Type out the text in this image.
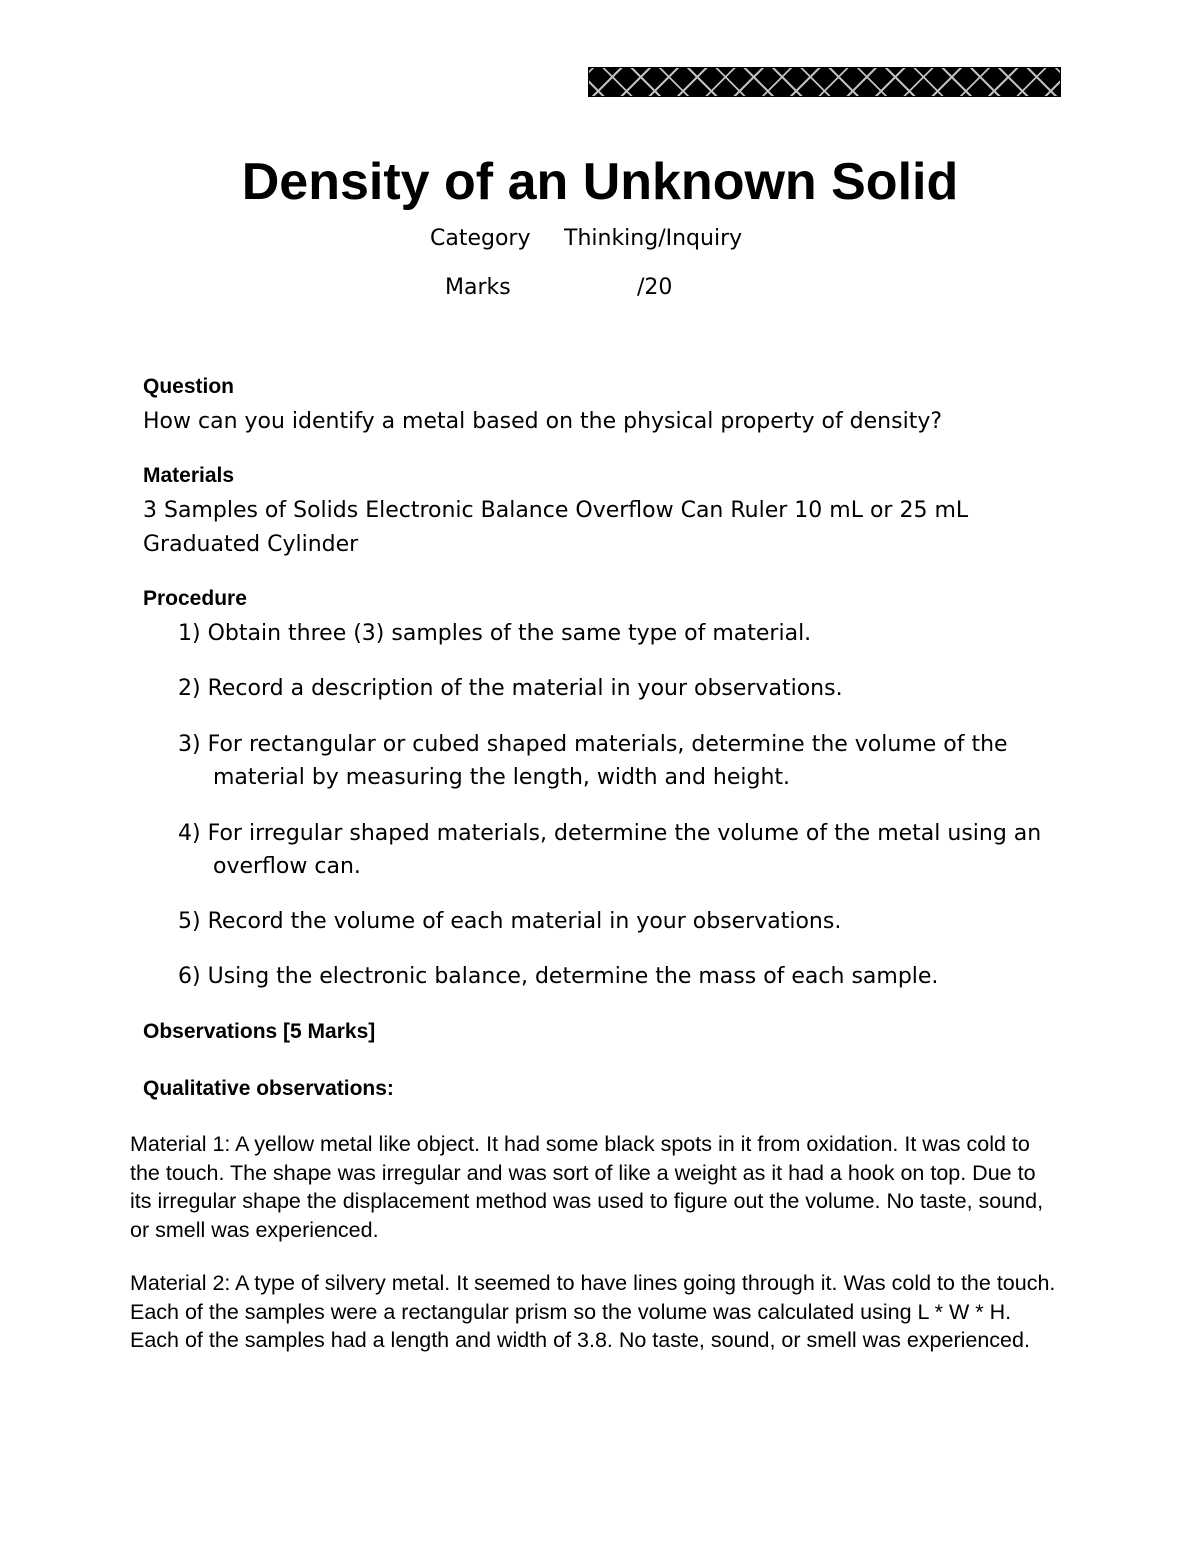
Density of an Unknown Solid
Category Thinking/Inquiry
Marks	/20
Question
How can you identify a metal based on the physical property of density?
Materials
3 Samples of Solids Electronic Balance Overflow Can Ruler 10 mL or 25 mL
Graduated Cylinder
Procedure
1) Obtain three (3) samples of the same type of material.
2) Record a description of the material in your observations.
3) For rectangular or cubed shaped materials, determine the volume of the
material by measuring the length, width and height.
4) For irregular shaped materials, determine the volume of the metal using an
overflow can.
5) Record the volume of each material in your observations.
6) Using the electronic balance, determine the mass of each sample.
Observations [5 Marks]
Qualitative observations:

Material 1: A yellow metal like object. It had some black spots in it from oxidation. It was cold to the touch. The shape was irregular and was sort of like a weight as it had a hook on top. Due to its irregular shape the displacement method was used to figure out the volume. No taste, sound, or smell was experienced.

Material 2: A type of silvery metal. It seemed to have lines going through it. Was cold to the touch. Each of the samples were a rectangular prism so the volume was calculated using L * W * H. Each of the samples had a length and width of 3.8. No taste, sound, or smell was experienced.
